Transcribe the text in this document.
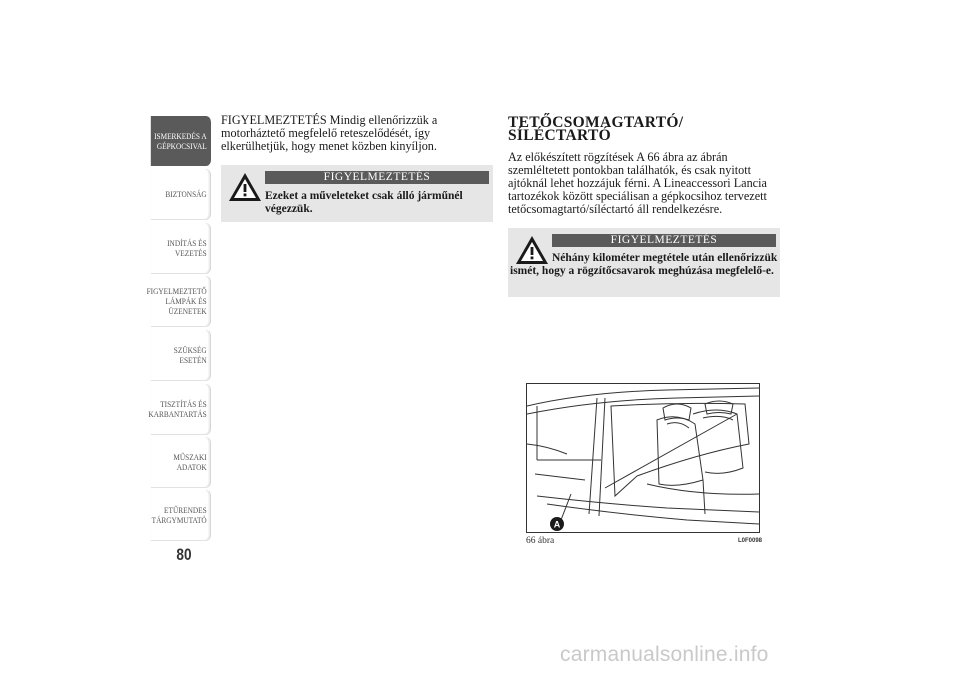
ISMERKEDÉS A GÉPKOCSIVAL
BIZTONSÁG
INDÍTÁS ÉS VEZETÉS
FIGYELMEZTETŐ LÁMPÁK ÉS ÜZENETEK
SZÜKSÉG ESETÉN
TISZTÍTÁS ÉS KARBANTARTÁS
MŰSZAKI ADATOK
ETŰRENDES TÁRGYMUTATÓ
80

FIGYELMEZTETÉS Mindig ellenőrizzük a motorháztető megfelelő reteszelődését, így elkerülhetjük, hogy menet közben kinyíljon.

FIGYELMEZTETÉS

Ezeket a műveleteket csak álló járműnél végezzük.

TETŐCSOMAGTARTÓ/
SÍLÉCTARTÓ

Az előkészített rögzítések A 66 ábra az ábrán szemléltetett pontokban találhatók, és csak nyitott ajtóknál lehet hozzájuk férni. A Lineaccessori Lancia tartozékok között speciálisan a gépkocsihoz tervezett tetőcsomagtartó/síléctartó áll rendelkezésre.

FIGYELMEZTETÉS

Néhány kilométer megtétele után ellenőrizzük ismét, hogy a rögzítőcsavarok meghúzása megfelelő-e.

A
66 ábra	L0F0098
carmanualsonline.info
